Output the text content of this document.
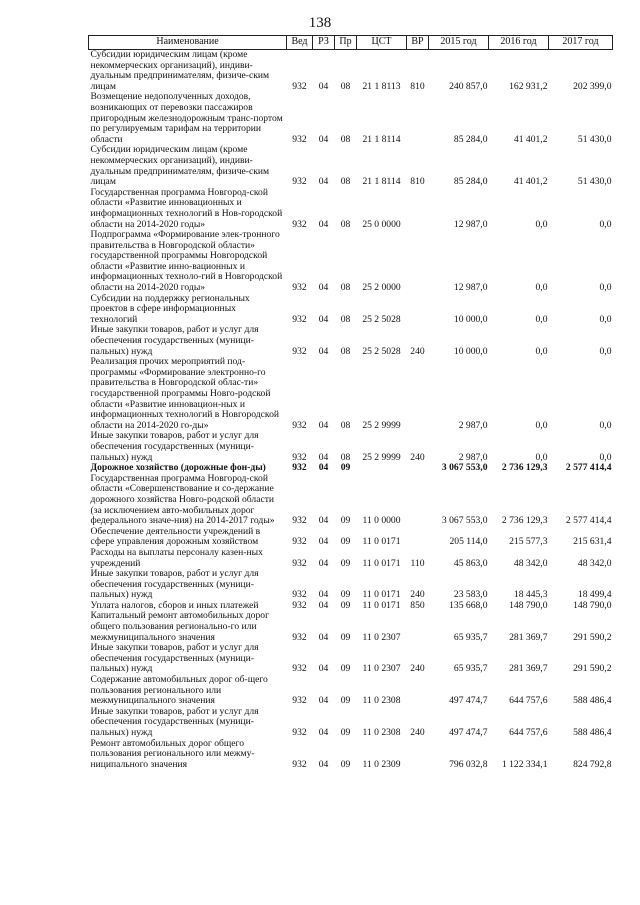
138
Наименование	Вед	РЗ	Пр	ЦСТ	ВР	2015 год	2016 год	2017 год
Субсидии юридическим лицам (кроме некоммерческих организаций), индиви-дуальным предпринимателям, физиче-ским лицам	932	04	08	21 1 8113	810	240 857,0	162 931,2	202 399,0
Возмещение недополученных доходов, возникающих от перевозки пассажиров пригородным железнодорожным транс-портом по регулируемым тарифам на территории области	932	04	08	21 1 8114		85 284,0	41 401,2	51 430,0
Субсидии юридическим лицам (кроме некоммерческих организаций), индиви-дуальным предпринимателям, физиче-ским лицам	932	04	08	21 1 8114	810	85 284,0	41 401,2	51 430,0
Государственная программа Новгород-ской области «Развитие инновационных и информационных технологий в Нов-городской области на 2014-2020 годы»	932	04	08	25 0 0000		12 987,0	0,0	0,0
Подпрограмма «Формирование элек-тронного правительства в Новгородской области» государственной программы Новгородской области «Развитие инно-вационных и информационных техноло-гий в Новгородской области на 2014-2020 годы»	932	04	08	25 2 0000		12 987,0	0,0	0,0
Субсидии на поддержку региональных проектов в сфере информационных технологий	932	04	08	25 2 5028		10 000,0	0,0	0,0
Иные закупки товаров, работ и услуг для обеспечения государственных (муници-пальных) нужд	932	04	08	25 2 5028	240	10 000,0	0,0	0,0
Реализация прочих мероприятий под-программы «Формирование электронно-го правительства в Новгородской облас-ти» государственной программы Новго-родской области «Развитие инновацион-ных и информационных технологий в Новгородской области на 2014-2020 го-ды»	932	04	08	25 2 9999		2 987,0	0,0	0,0
Иные закупки товаров, работ и услуг для обеспечения государственных (муници-пальных) нужд	932	04	08	25 2 9999	240	2 987,0	0,0	0,0
Дорожное хозяйство (дорожные фон-ды)	932	04	09			3 067 553,0	2 736 129,3	2 577 414,4
Государственная программа Новгород-ской области «Совершенствование и со-держание дорожного хозяйства Новго-родской области (за исключением авто-мобильных дорог федерального значе-ния) на 2014-2017 годы»	932	04	09	11 0 0000		3 067 553,0	2 736 129,3	2 577 414,4
Обеспечение деятельности учреждений в сфере управления дорожным хозяйством	932	04	09	11 0 0171		205 114,0	215 577,3	215 631,4
Расходы на выплаты персоналу казен-ных учреждений	932	04	09	11 0 0171	110	45 863,0	48 342,0	48 342,0
Иные закупки товаров, работ и услуг для обеспечения государственных (муници-пальных) нужд	932	04	09	11 0 0171	240	23 583,0	18 445,3	18 499,4
Уплата налогов, сборов и иных платежей	932	04	09	11 0 0171	850	135 668,0	148 790,0	148 790,0
Капитальный ремонт автомобильных дорог общего пользования регионально-го или межмуниципального значения	932	04	09	11 0 2307		65 935,7	281 369,7	291 590,2
Иные закупки товаров, работ и услуг для обеспечения государственных (муници-пальных) нужд	932	04	09	11 0 2307	240	65 935,7	281 369,7	291 590,2
Содержание автомобильных дорог об-щего пользования регионального или межмуниципального значения	932	04	09	11 0 2308		497 474,7	644 757,6	588 486,4
Иные закупки товаров, работ и услуг для обеспечения государственных (муници-пальных) нужд	932	04	09	11 0 2308	240	497 474,7	644 757,6	588 486,4
Ремонт автомобильных дорог общего пользования регионального или межму-ниципального значения	932	04	09	11 0 2309		796 032,8	1 122 334,1	824 792,8
